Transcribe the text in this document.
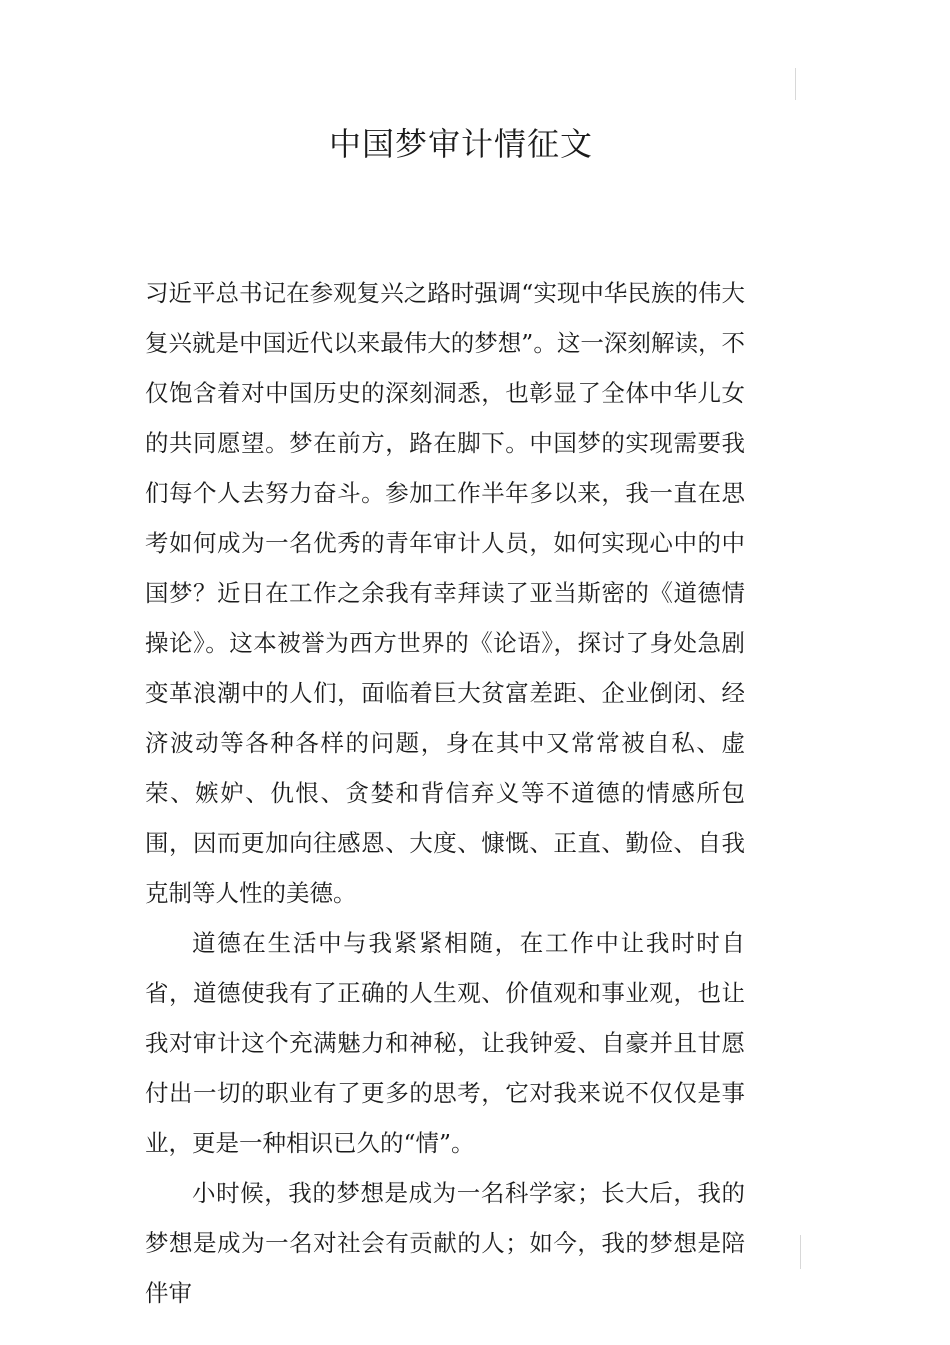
中国梦审计情征文

习近平总书记在参观复兴之路时强调“实现中华民族的伟大复兴就是中国近代以来最伟大的梦想”。这一深刻解读，不仅饱含着对中国历史的深刻洞悉，也彰显了全体中华儿女的共同愿望。梦在前方，路在脚下。中国梦的实现需要我们每个人去努力奋斗。参加工作半年多以来，我一直在思考如何成为一名优秀的青年审计人员，如何实现心中的中国梦？近日在工作之余我有幸拜读了亚当斯密的《道德情操论》。这本被誉为西方世界的《论语》，探讨了身处急剧变革浪潮中的人们，面临着巨大贫富差距、企业倒闭、经济波动等各种各样的问题，身在其中又常常被自私、虚荣、嫉妒、仇恨、贪婪和背信弃义等不道德的情感所包围，因而更加向往感恩、大度、慷慨、正直、勤俭、自我克制等人性的美德。

道德在生活中与我紧紧相随，在工作中让我时时自省，道德使我有了正确的人生观、价值观和事业观，也让我对审计这个充满魅力和神秘，让我钟爱、自豪并且甘愿付出一切的职业有了更多的思考，它对我来说不仅仅是事业，更是一种相识已久的“情”。

小时候，我的梦想是成为一名科学家；长大后，我的梦想是成为一名对社会有贡献的人；如今，我的梦想是陪伴审
